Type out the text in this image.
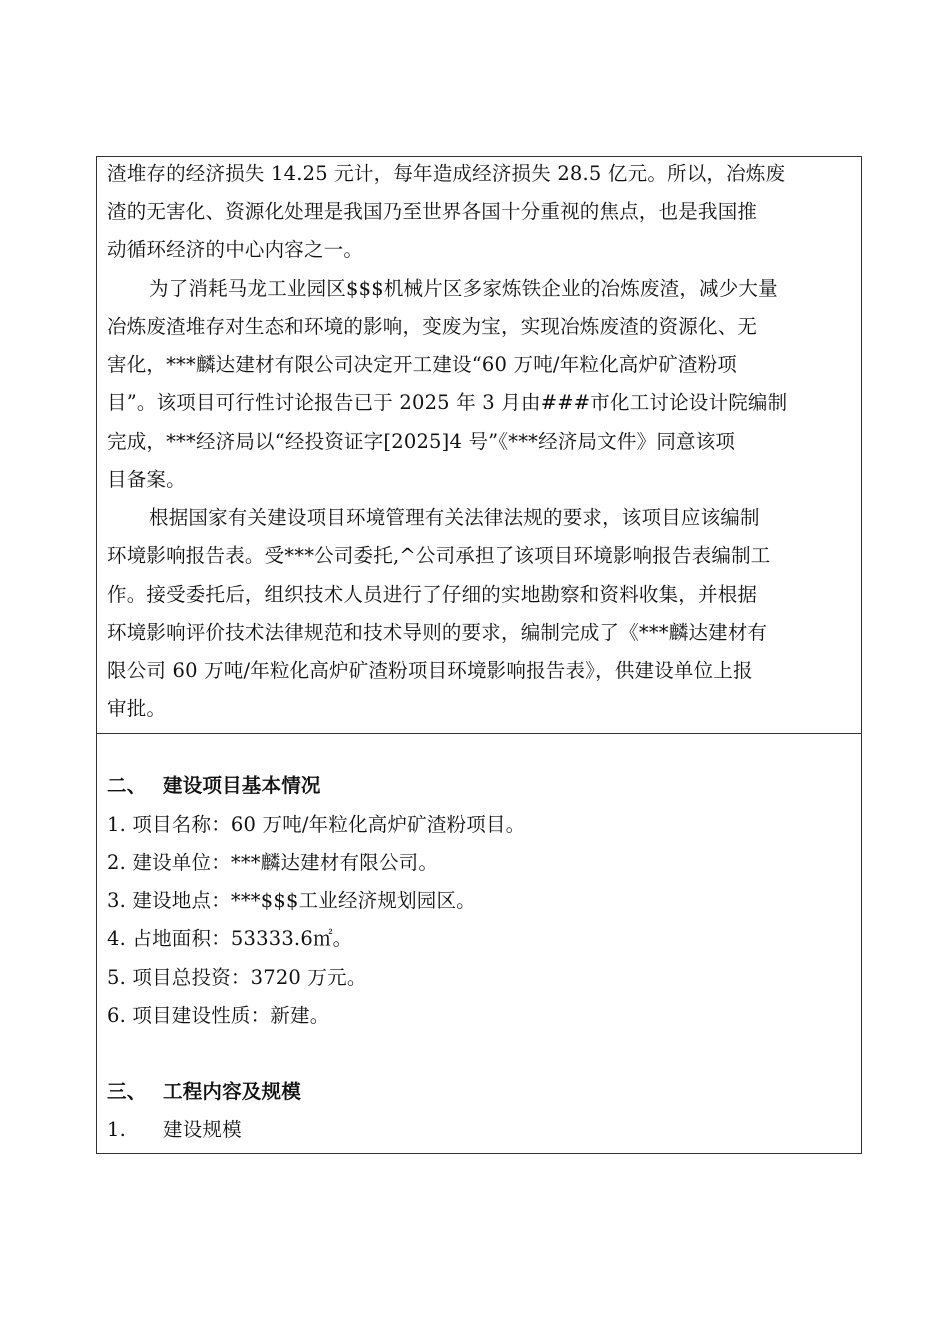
渣堆存的经济损失 14.25 元计，每年造成经济损失 28.5 亿元。所以，冶炼废
渣的无害化、资源化处理是我国乃至世界各国十分重视的焦点，也是我国推
动循环经济的中心内容之一。
为了消耗马龙工业园区$$$机械片区多家炼铁企业的冶炼废渣，减少大量
冶炼废渣堆存对生态和环境的影响，变废为宝，实现冶炼废渣的资源化、无
害化，***麟达建材有限公司决定开工建设“60 万吨/年粒化高炉矿渣粉项
目”。该项目可行性讨论报告已于 2025 年 3 月由###市化工讨论设计院编制
完成，***经济局以“经投资证字[2025]4 号”《***经济局文件》同意该项
目备案。
根据国家有关建设项目环境管理有关法律法规的要求，该项目应该编制
环境影响报告表。受***公司委托,^公司承担了该项目环境影响报告表编制工
作。接受委托后，组织技术人员进行了仔细的实地勘察和资料收集，并根据
环境影响评价技术法律规范和技术导则的要求，编制完成了《***麟达建材有
限公司 60 万吨/年粒化高炉矿渣粉项目环境影响报告表》，供建设单位上报
审批。

二、 建设项目基本情况
1. 项目名称：60 万吨/年粒化高炉矿渣粉项目。
2. 建设单位：***麟达建材有限公司。
3. 建设地点：***$$$工业经济规划园区。
4. 占地面积：53333.6㎡。
5. 项目总投资：3720 万元。
6. 项目建设性质：新建。
三、 工程内容及规模
1. 建设规模
